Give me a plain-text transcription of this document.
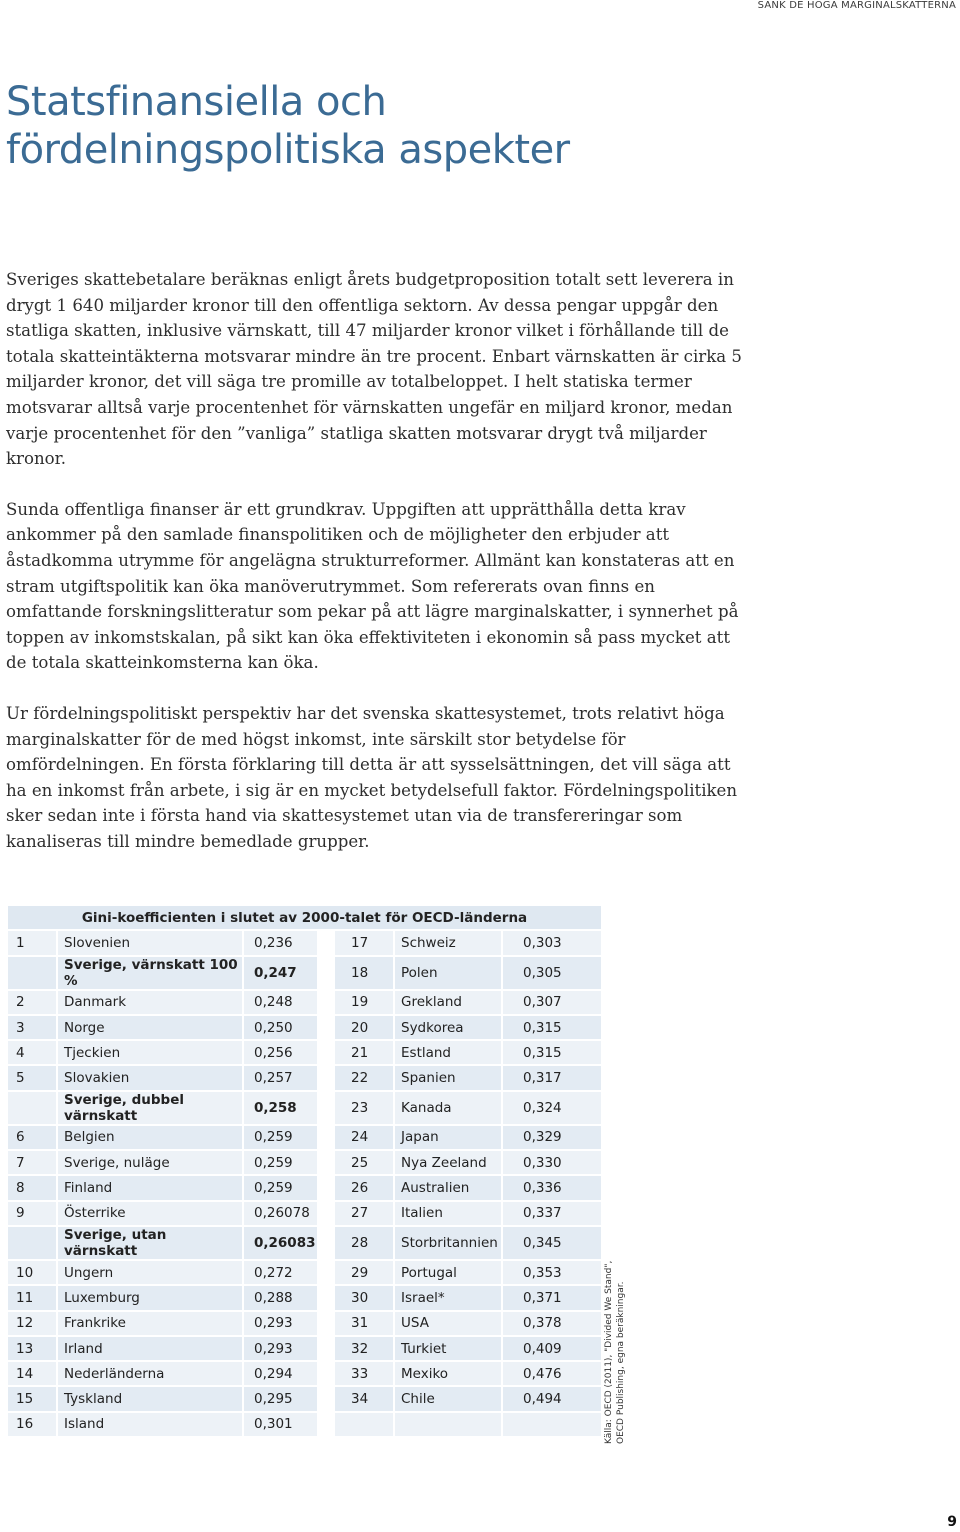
SÄNK DE HÖGA MARGINALSKATTERNA
Statsfinansiella och
fördelningspolitiska aspekter

Sveriges skattebetalare beräknas enligt årets budgetproposition totalt sett leverera in drygt 1 640 miljarder kronor till den offentliga sektorn. Av dessa pengar uppgår den statliga skatten, inklusive värnskatt, till 47 miljarder kronor vilket i förhållande till de totala skatteintäkterna motsvarar mindre än tre procent. Enbart värnskatten är cirka 5 miljarder kronor, det vill säga tre promille av totalbeloppet. I helt statiska termer motsvarar alltså varje procentenhet för värnskatten ungefär en miljard kronor, medan varje procentenhet för den ”vanliga” statliga skatten motsvarar drygt två miljarder kronor.

Sunda offentliga finanser är ett grundkrav. Uppgiften att upprätthålla detta krav ankommer på den samlade finanspolitiken och de möjligheter den erbjuder att åstadkomma utrymme för angelägna strukturreformer. Allmänt kan konstateras att en stram utgiftspolitik kan öka manöverutrymmet. Som refererats ovan finns en omfattande forskningslitteratur som pekar på att lägre marginalskatter, i synnerhet på toppen av inkomstskalan, på sikt kan öka effektiviteten i ekonomin så pass mycket att de totala skatteinkomsterna kan öka.

Ur fördelningspolitiskt perspektiv har det svenska skattesystemet, trots relativt höga marginalskatter för de med högst inkomst, inte särskilt stor betydelse för omfördelningen. En första förklaring till detta är att sysselsättningen, det vill säga att ha en inkomst från arbete, i sig är en mycket betydelsefull faktor. Fördelningspolitiken sker sedan inte i första hand via skattesystemet utan via de transfereringar som kanaliseras till mindre bemedlade grupper.

Gini-koefficienten i slutet av 2000-talet för OECD-länderna						
1	Slovenien	0,236		17	Schweiz	0,303
	Sverige, värnskatt 100 %	0,247		18	Polen	0,305
2	Danmark	0,248		19	Grekland	0,307
3	Norge	0,250		20	Sydkorea	0,315
4	Tjeckien	0,256		21	Estland	0,315
5	Slovakien	0,257		22	Spanien	0,317
	Sverige, dubbel värnskatt	0,258		23	Kanada	0,324
6	Belgien	0,259		24	Japan	0,329
7	Sverige, nuläge	0,259		25	Nya Zeeland	0,330
8	Finland	0,259		26	Australien	0,336
9	Österrike	0,26078		27	Italien	0,337
	Sverige, utan värnskatt	0,26083		28	Storbritannien	0,345
10	Ungern	0,272		29	Portugal	0,353
11	Luxemburg	0,288		30	Israel*	0,371
12	Frankrike	0,293		31	USA	0,378
13	Irland	0,293		32	Turkiet	0,409
14	Nederländerna	0,294		33	Mexiko	0,476
15	Tyskland	0,295		34	Chile	0,494
16	Island	0,301					Källa: OECD (2011), "Divided We Stand", OECD Publishing, egna beräkningar.
9
